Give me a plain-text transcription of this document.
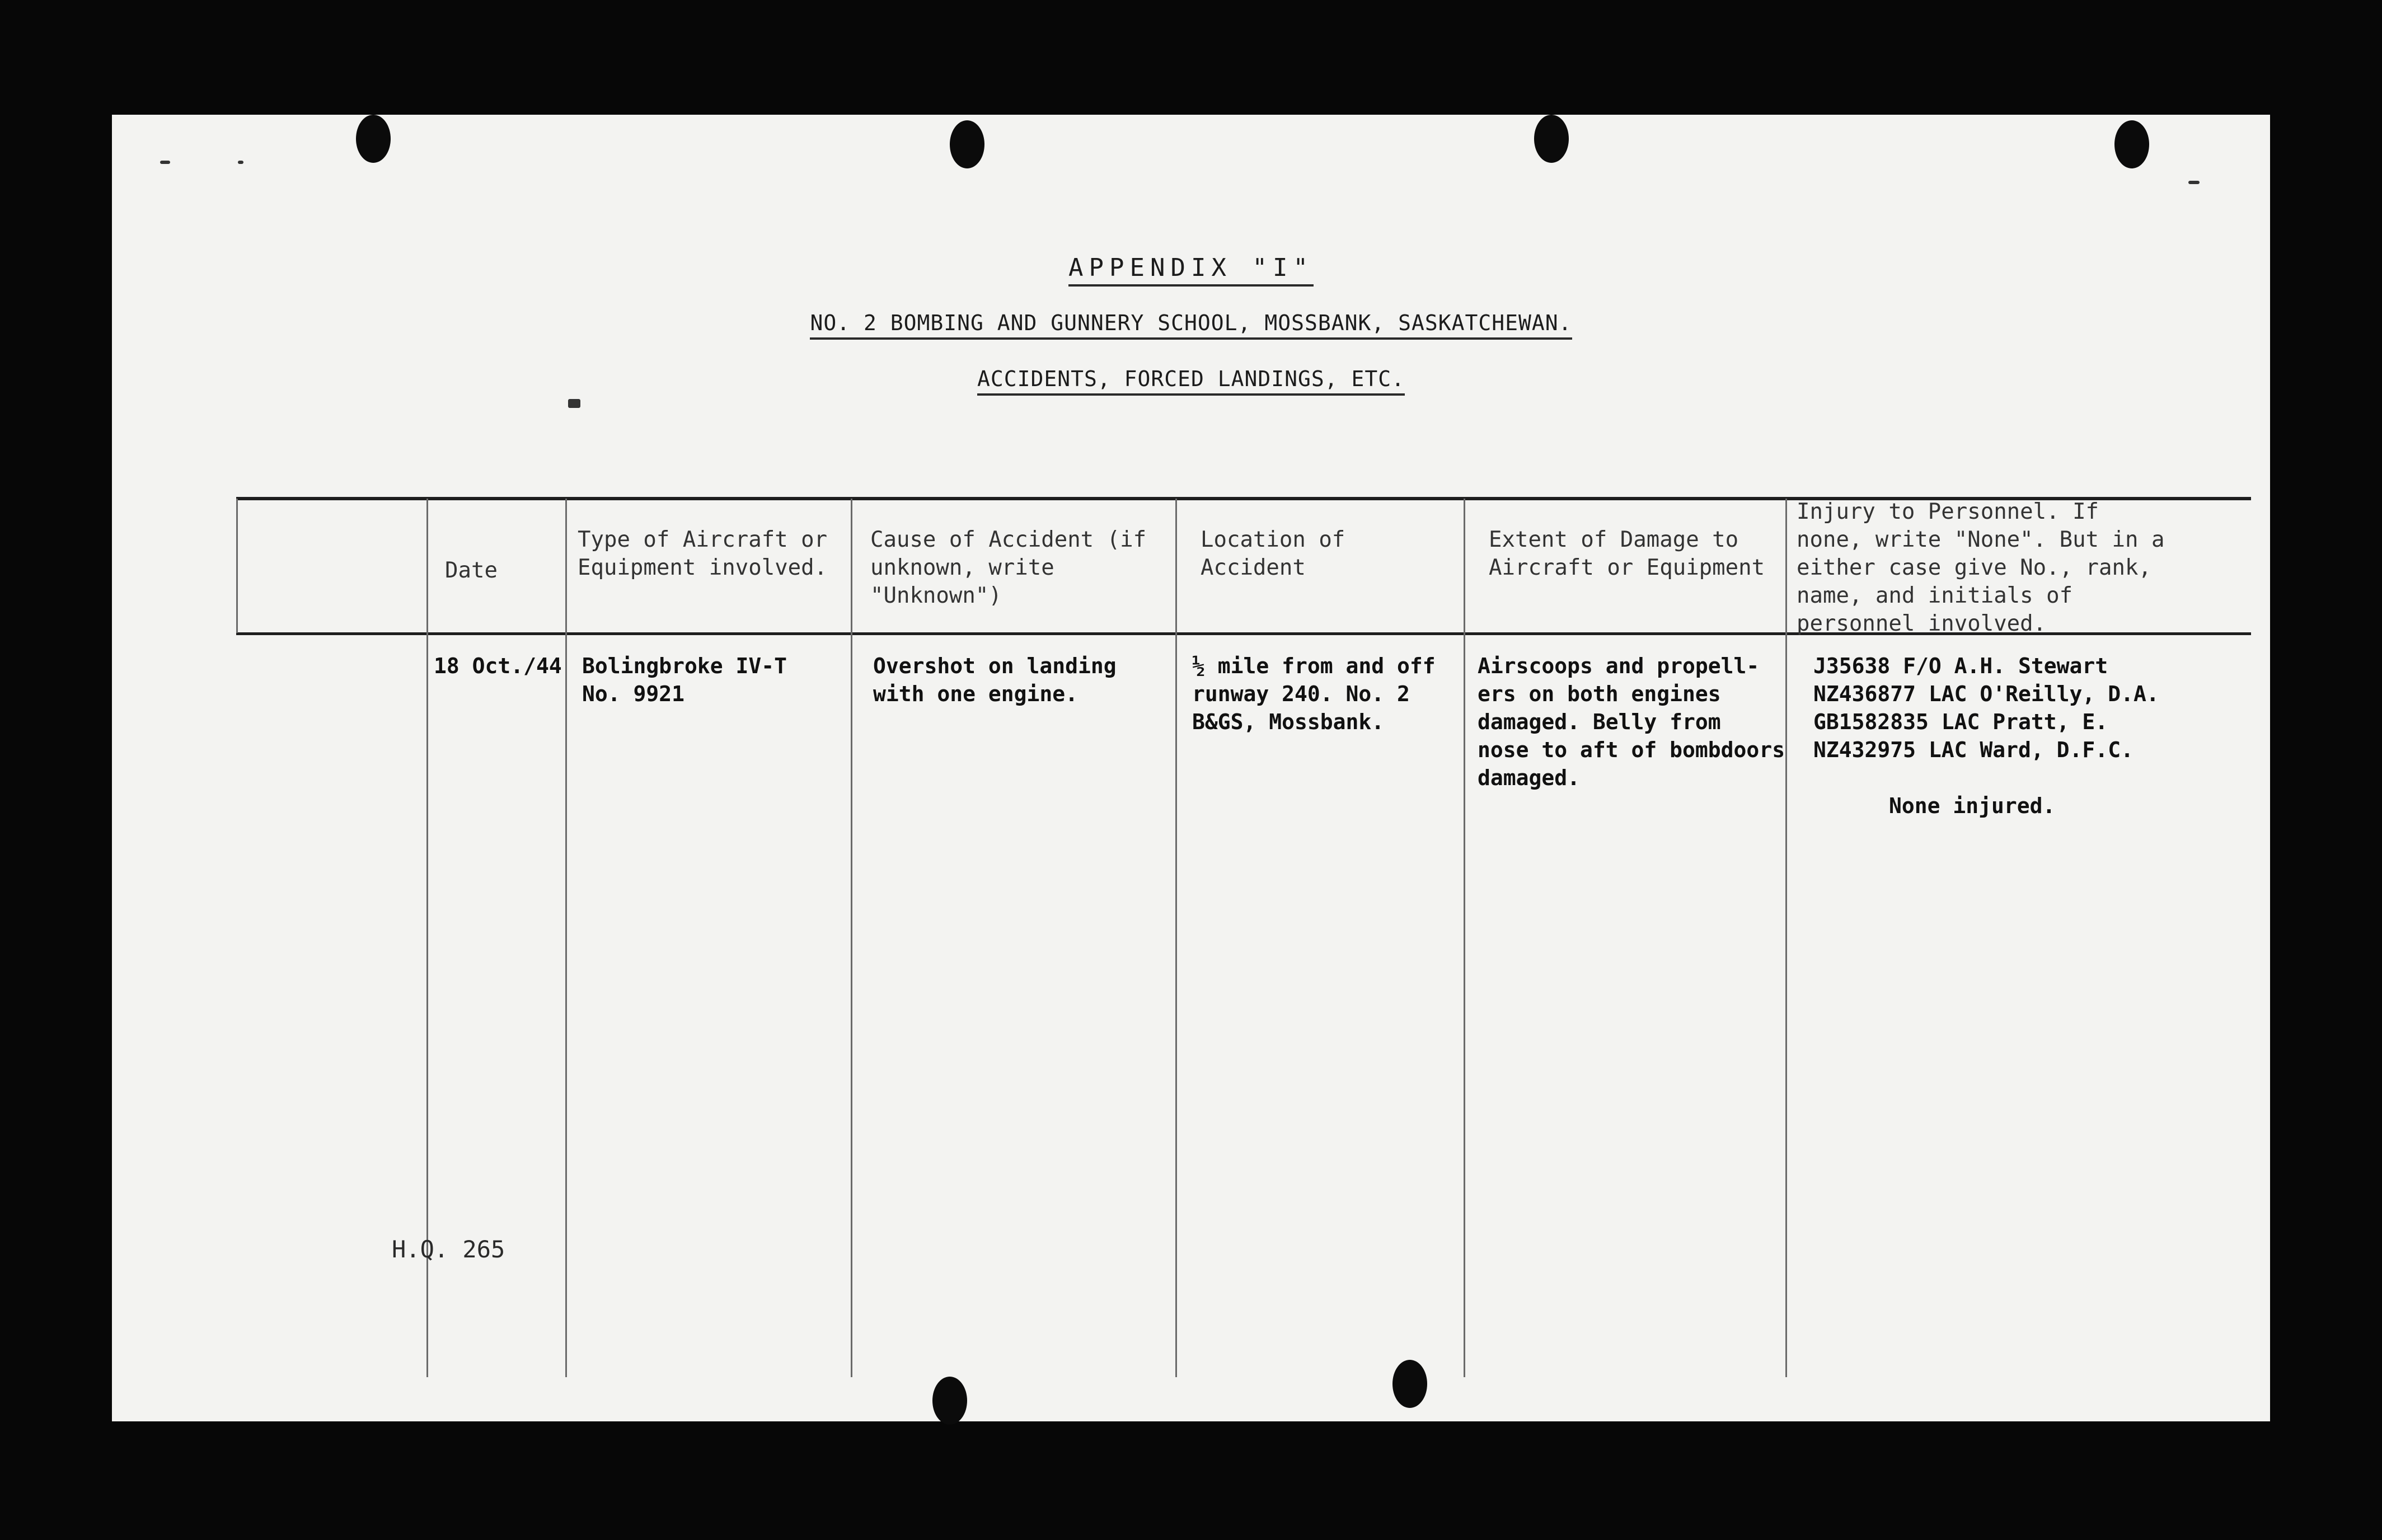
APPENDIX "I"
NO. 2 BOMBING AND GUNNERY SCHOOL, MOSSBANK, SASKATCHEWAN.
ACCIDENTS, FORCED LANDINGS, ETC.
Date
Type of Aircraft or
Equipment involved.
Cause of Accident (if
unknown, write
"Unknown")
Location of
Accident
Extent of Damage to
Aircraft or Equipment
Injury to Personnel. If
none, write "None". But in a
either case give No., rank,
name, and initials of
personnel involved.
18 Oct./44 Bolingbroke IV-T
No. 9921
Overshot on landing
with one engine.
½ mile from and off
runway 240. No. 2
B&GS, Mossbank.
Airscoops and propell-
ers on both engines
damaged. Belly from
nose to aft of bombdoors
damaged.
J35638 F/O A.H. Stewart
NZ436877 LAC O'Reilly, D.A.
GB1582835 LAC Pratt, E.
NZ432975 LAC Ward, D.F.C.
None injured.
H.Q. 265
